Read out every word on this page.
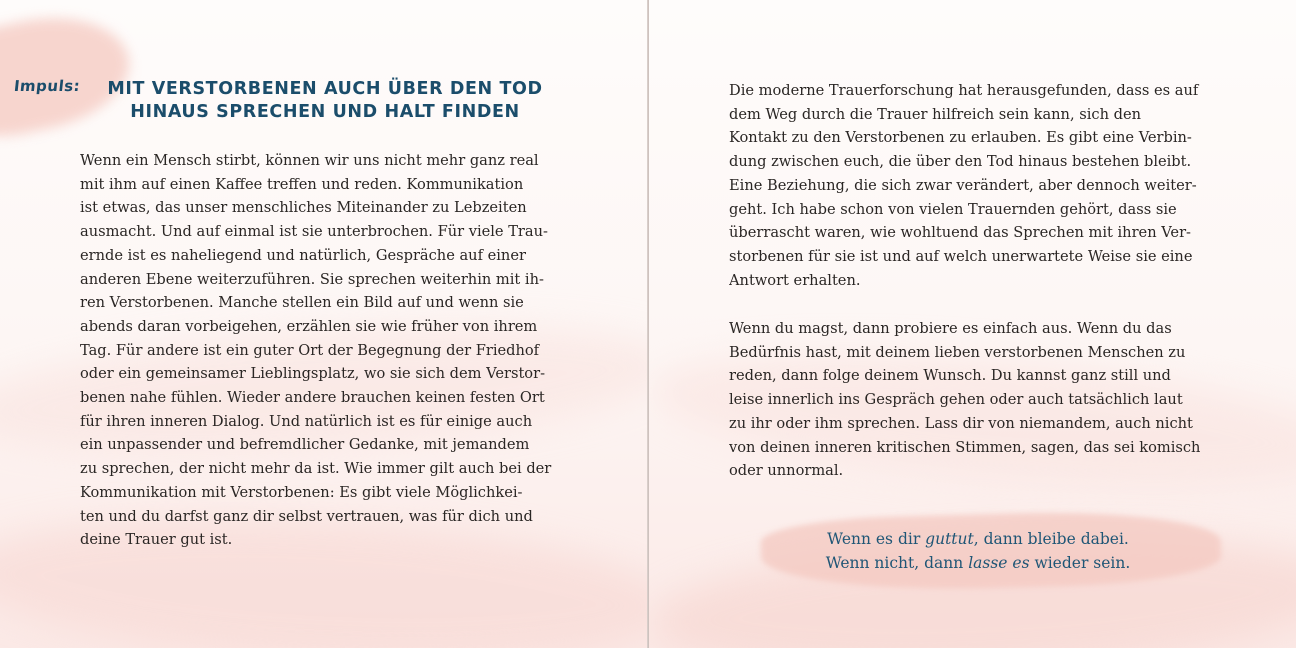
Impuls:	MIT VERSTORBENEN AUCH ÜBER DEN TOD
HINAUS SPRECHEN UND HALT FINDEN
Wenn ein Mensch stirbt, können wir uns nicht mehr ganz real
mit ihm auf einen Kaffee treffen und reden. Kommunikation
ist etwas, das unser menschliches Miteinander zu Lebzeiten
ausmacht. Und auf einmal ist sie unterbrochen. Für viele Trau-
ernde ist es naheliegend und natürlich, Gespräche auf einer
anderen Ebene weiterzuführen. Sie sprechen weiterhin mit ih-
ren Verstorbenen. Manche stellen ein Bild auf und wenn sie
abends daran vorbeigehen, erzählen sie wie früher von ihrem
Tag. Für andere ist ein guter Ort der Begegnung der Friedhof
oder ein gemeinsamer Lieblingsplatz, wo sie sich dem Verstor-
benen nahe fühlen. Wieder andere brauchen keinen festen Ort
für ihren inneren Dialog. Und natürlich ist es für einige auch
ein unpassender und befremdlicher Gedanke, mit jemandem
zu sprechen, der nicht mehr da ist. Wie immer gilt auch bei der
Kommunikation mit Verstorbenen: Es gibt viele Möglichkei-
ten und du darfst ganz dir selbst vertrauen, was für dich und
deine Trauer gut ist.
Die moderne Trauerforschung hat herausgefunden, dass es auf
dem Weg durch die Trauer hilfreich sein kann, sich den
Kontakt zu den Verstorbenen zu erlauben. Es gibt eine Verbin-
dung zwischen euch, die über den Tod hinaus bestehen bleibt.
Eine Beziehung, die sich zwar verändert, aber dennoch weiter-
geht. Ich habe schon von vielen Trauernden gehört, dass sie
überrascht waren, wie wohltuend das Sprechen mit ihren Ver-
storbenen für sie ist und auf welch unerwartete Weise sie eine
Antwort erhalten.
Wenn du magst, dann probiere es einfach aus. Wenn du das
Bedürfnis hast, mit deinem lieben verstorbenen Menschen zu
reden, dann folge deinem Wunsch. Du kannst ganz still und
leise innerlich ins Gespräch gehen oder auch tatsächlich laut
zu ihr oder ihm sprechen. Lass dir von niemandem, auch nicht
von deinen inneren kritischen Stimmen, sagen, das sei komisch
oder unnormal.
Wenn es dir guttut, dann bleibe dabei.
Wenn nicht, dann lasse es wieder sein.
